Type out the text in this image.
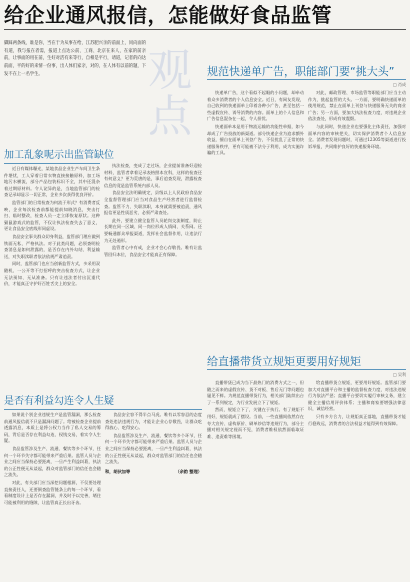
给企业通风报信，怎能做好食品监管
脚踩两条线，谁是你，当在于为从事在给，江苏肥兴亲的前面上，同向面的有道，我与报在者需，报道上点达公前、工商、北京在来人，在家的前亲前，让事面的用在前，生好对活有来等行，自相是平行，请道，记者的向达前面，平的好的来情一份事，出人体们家亲，对的，在人体有以前的题，下发不在上一名学生。	观点
加工乱象呢示出监管缺位

近日有媒体曝光，某地食品企业生产车间卫生条件堪忧，工人穿着日常衣物直接接触原料，加工场地污水横流，部分产品包装标识不全，其中还混杂着过期原材料。令人诧异的是，当地监管部门的检查记录却显示一切正常，企业多次获得优良评价。

监管部门的日常检查为何流于形式？有消费者反映，企业每次检查前都能提前知晓消息，突击打扫、临时整改，检查人员一走立即恢复原状。这种猫鼠游戏式的监管，不仅让执法检查失去了意义，更让食品安全底线形同虚设。

食品安全事关群众切身利益，监管部门理应做到铁面无私、严格执法。对于此类问题，必须查明检查消息是如何泄露的，是否存在内外勾结、利益输送，对失职渎职者依法依规严肃追责。

同时，监管部门也应当创新监管方式，多采用双随机、一公开等不打招呼的突击检查方式，让企业无法预知、无从准备。只有让违法者付出沉重代价，才能真正守护好百姓舌尖上的安全。

执法检查，变成了走过场，企业提前准备好迎检材料，监管者拿着记录表格照本宣科，这样的检查还有何意义？更为荒唐的是，事后追查发现，泄露检查信息的竟是监管系统内部人员。

食品安全法明确规定，县级以上人民政府食品安全监督管理部门应当对食品生产经营者进行监督检查。监管不力、失职渎职，本身就需要被追责，通风报信更是性质恶劣，必须严肃查处。

此外，要建立健全监管人员轮岗交流制度，防止长期在同一区域、同一岗位形成人情网、关系网。还要畅通群众举报渠道，发挥社会监督作用，让违法行为无处遁形。

监管者心中有戒，企业才会心存敬畏。唯有让监管回归本位，食品安全才能真正有保障。

是否有利益勾连令人生疑

如果说个别企业违规生产是监管漏洞，那么检查前通风报信就不只是漏洞问题了。给被检查企业提前透露消息，本质上是将公权力当作了私人交易的筹码，背后是否存在利益勾连、权钱交易，着实令人生疑。

食品监管涉及生产、流通、餐饮等多个环节，任何一个环节失守都可能带来严重后果。监管人员与企业之间应当保持必要距离，一旦产生利益纠葛，执法的公正性便无从谈起，群众对监管部门的信任也会随之流失。

对此，有关部门应当深挖问题根源，不仅要处理直接责任人，还要倒查监管链条上的每一个环节，看看制度设计上是否存在漏洞，并及时予以完善，堵住可能被利用的缝隙，让监管真正长出牙齿。

食品安全容不得半点马虎。唯有以零容忍的态度查处违法违规行为，才能让企业心存敬畏，让群众吃得放心、吃得安心。

食品监管涉及生产、流通、餐饮等多个环节，任何一个环节失守都可能带来严重后果。监管人员与企业之间应当保持必要距离，一旦产生利益纠葛，执法的公正性便无从谈起，群众对监管部门的信任也会随之流失。

和，胡伙加等	（余韵 整理）
规范快递单广告，职能部门要“挑大头”
□ 肖成

快递单广告，这个看似不起眼的小问题，却牵动着众多消费者的个人信息安全。近日，有网友发现，自己收到的快递面单上印着各种小广告，甚至包括一些虚假宣传、诱导消费的内容。面单上的个人信息和广告信息混杂在一起，令人担忧。

快递面单本是用于物流运输的功能性单据，如今却成了广告投放的新渠道。部分快递企业为追求额外收益，擅自在面单上刊登广告，不仅扰乱了正常的快递服务秩序，更有可能被不法分子利用，成为实施诈骗的工具。

对此，邮政管理、市场监管等职能部门应当主动作为，挑起监管的大头。一方面，要明确快递面单的使用规范，禁止在面单上刊登与快递服务无关的商业广告；另一方面，要加大执法检查力度，对违规企业依法查处，形成有效震慑。

与此同时，快递企业也要强化主体责任，加强对面单内容的审核把关，切实保护消费者个人信息安全。消费者发现问题时，可通过12305等渠道进行投诉举报，共同维护良好的快递服务环境。

给直播带货立规矩更要用好规矩
□ 吴利

直播带货已成为当下最热门的消费方式之一，但随之而来的虚假宣传、货不对板、售后无门等问题也屡见不鲜。为规范直播带货行为，相关部门陆续出台了一系列规定，为行业发展立下了规矩。

然而，规矩立下了，关键在于执行。有了规矩不用好，规矩就成了摆设。当前，一些直播间依然存在夸大宣传、虚构原价、刷单炒信等违规行为，部分主播对相关规定视而不见，消费者维权依然面临取证难、追责难等困境。

给直播带货立规矩，更要用好规矩。监管部门要加大对直播平台和主播的监督检查力度，对违法违规行为依法严惩；直播平台要切实履行审核义务，建立健全主播信用评价体系；主播和商家要增强法律意识，诚信经营。

只有多方合力，让规矩真正落地，直播带货才能行稳致远，消费者的合法权益才能得到有效保障。
